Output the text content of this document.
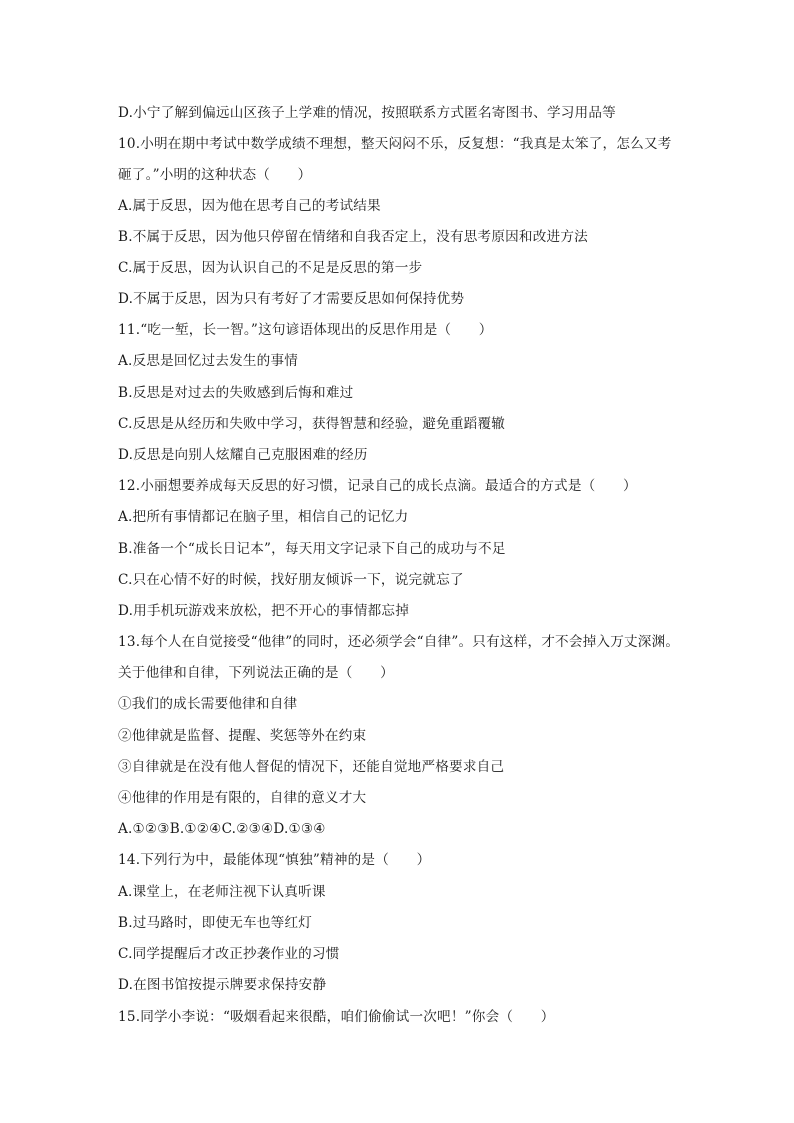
D.小宁了解到偏远山区孩子上学难的情况，按照联系方式匿名寄图书、学习用品等
10.小明在期中考试中数学成绩不理想，整天闷闷不乐，反复想：“我真是太笨了，怎么又考
砸了。”小明的这种状态（　　）
A.属于反思，因为他在思考自己的考试结果
B.不属于反思，因为他只停留在情绪和自我否定上，没有思考原因和改进方法
C.属于反思，因为认识自己的不足是反思的第一步
D.不属于反思，因为只有考好了才需要反思如何保持优势
11.“吃一堑，长一智。”这句谚语体现出的反思作用是（　　）
A.反思是回忆过去发生的事情
B.反思是对过去的失败感到后悔和难过
C.反思是从经历和失败中学习，获得智慧和经验，避免重蹈覆辙
D.反思是向别人炫耀自己克服困难的经历
12.小丽想要养成每天反思的好习惯，记录自己的成长点滴。最适合的方式是（　　）
A.把所有事情都记在脑子里，相信自己的记忆力
B.准备一个“成长日记本”，每天用文字记录下自己的成功与不足
C.只在心情不好的时候，找好朋友倾诉一下，说完就忘了
D.用手机玩游戏来放松，把不开心的事情都忘掉
13.每个人在自觉接受“他律”的同时，还必须学会“自律”。只有这样，才不会掉入万丈深渊。
关于他律和自律，下列说法正确的是（　　）
①我们的成长需要他律和自律
②他律就是监督、提醒、奖惩等外在约束
③自律就是在没有他人督促的情况下，还能自觉地严格要求自己
④他律的作用是有限的，自律的意义才大
A.①②③B.①②④C.②③④D.①③④
14.下列行为中，最能体现“慎独”精神的是（　　）
A.课堂上，在老师注视下认真听课
B.过马路时，即使无车也等红灯
C.同学提醒后才改正抄袭作业的习惯
D.在图书馆按提示牌要求保持安静
15.同学小李说：“吸烟看起来很酷，咱们偷偷试一次吧！”你会（　　）
